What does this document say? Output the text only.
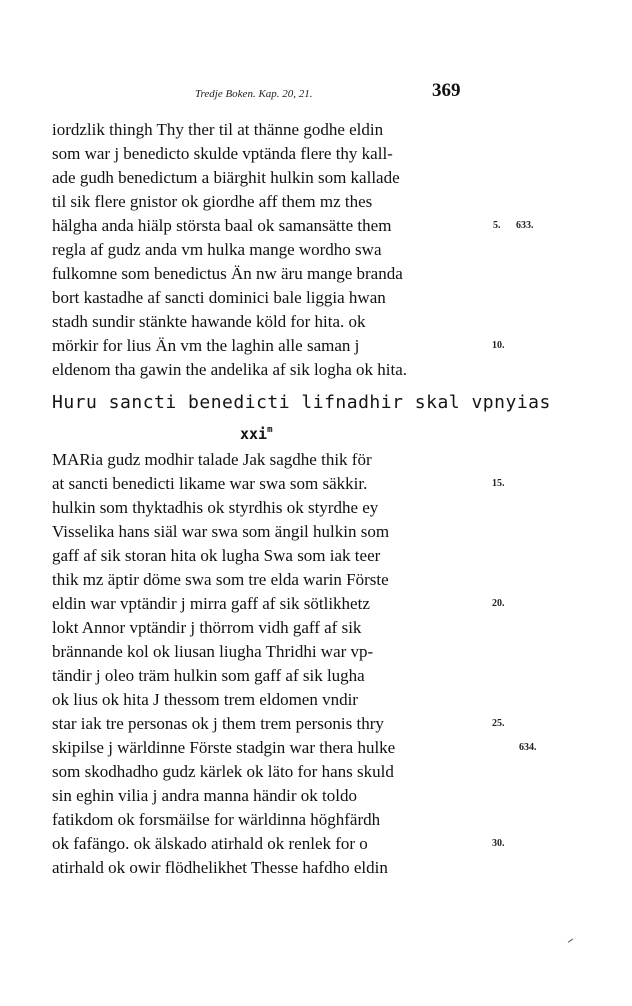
Tredje Boken. Kap. 20, 21.	369
iordzlik thingh Thy ther til at thänne godhe eldin
som war j benedicto skulde vptända flere thy kall-
ade gudh benedictum a biärghit hulkin som kallade
til sik flere gnistor ok giordhe aff them mz thes
hälgha anda hiälp största baal ok samansätte them
regla af gudz anda vm hulka mange wordho swa
fulkomne som benedictus Än nw äru mange branda
bort kastadhe af sancti dominici bale liggia hwan
stadh sundir stänkte hawande köld for hita. ok
mörkir for lius Än vm the laghin alle saman j
eldenom tha gawin the andelika af sik logha ok hita.
Huru sancti benedicti lifnadhir skal vpnyias
xxi$^m$
MARia gudz modhir talade Jak sagdhe thik för
at sancti benedicti likame war swa som säkkir.
hulkin som thyktadhis ok styrdhis ok styrdhe ey
Visselika hans siäl war swa som ängil hulkin som
gaff af sik storan hita ok lugha Swa som iak teer
thik mz äptir döme swa som tre elda warin Förste
eldin war vptändir j mirra gaff af sik sötlikhetz
lokt Annor vptändir j thörrom vidh gaff af sik
brännande kol ok liusan liugha Thridhi war vp-
tändir j oleo träm hulkin som gaff af sik lugha
ok lius ok hita J thessom trem eldomen vndir
star iak tre personas ok j them trem personis thry
skipilse j wärldinne Förste stadgin war thera hulke
som skodhadho gudz kärlek ok läto for hans skuld
sin eghin vilia j andra manna händir ok toldo
fatikdom ok forsmäilse for wärldinna höghfärdh
ok fafängo. ok älskado atirhald ok renlek for o
atirhald ok owir flödhelikhet Thesse hafdho eldin
5. 633.
10.
15.
20.
25.
634.
30.
